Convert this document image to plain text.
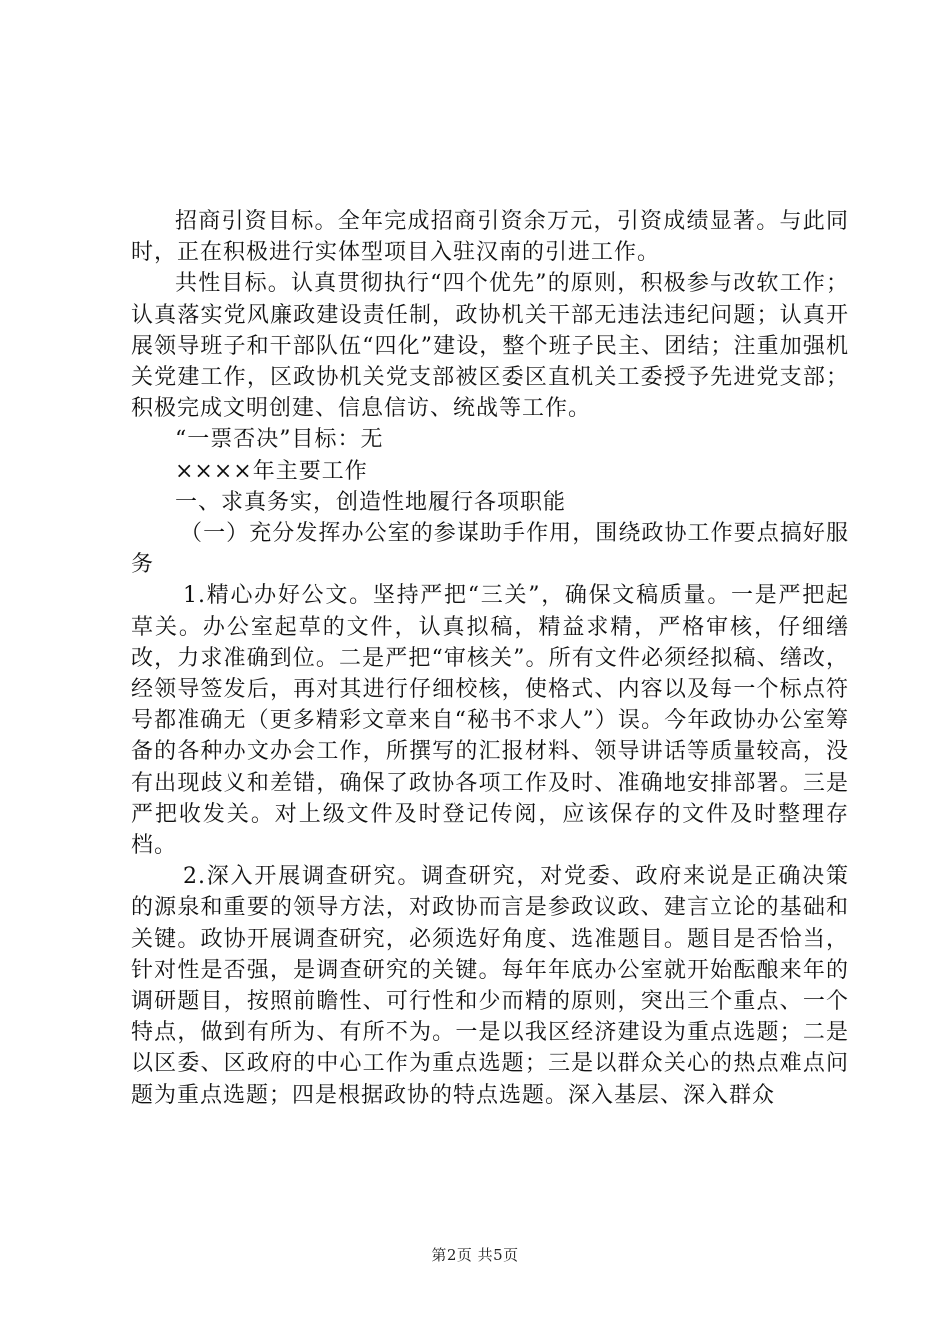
招商引资目标。全年完成招商引资余万元，引资成绩显著。与此同时，正在积极进行实体型项目入驻汉南的引进工作。

共性目标。认真贯彻执行“四个优先”的原则，积极参与改软工作；认真落实党风廉政建设责任制，政协机关干部无违法违纪问题；认真开展领导班子和干部队伍“四化”建设，整个班子民主、团结；注重加强机关党建工作，区政协机关党支部被区委区直机关工委授予先进党支部；积极完成文明创建、信息信访、统战等工作。

“一票否决”目标：无

××××年主要工作

一、求真务实，创造性地履行各项职能

（一）充分发挥办公室的参谋助手作用，围绕政协工作要点搞好服务

1.精心办好公文。坚持严把“三关”，确保文稿质量。一是严把起草关。办公室起草的文件，认真拟稿，精益求精，严格审核，仔细缮改，力求准确到位。二是严把“审核关”。所有文件必须经拟稿、缮改，经领导签发后，再对其进行仔细校核，使格式、内容以及每一个标点符号都准确无（更多精彩文章来自“秘书不求人”）误。今年政协办公室筹备的各种办文办会工作，所撰写的汇报材料、领导讲话等质量较高，没有出现歧义和差错，确保了政协各项工作及时、准确地安排部署。三是严把收发关。对上级文件及时登记传阅，应该保存的文件及时整理存档。

2.深入开展调查研究。调查研究，对党委、政府来说是正确决策的源泉和重要的领导方法，对政协而言是参政议政、建言立论的基础和关键。政协开展调查研究，必须选好角度、选准题目。题目是否恰当，针对性是否强，是调查研究的关键。每年年底办公室就开始酝酿来年的调研题目，按照前瞻性、可行性和少而精的原则，突出三个重点、一个特点，做到有所为、有所不为。一是以我区经济建设为重点选题；二是以区委、区政府的中心工作为重点选题；三是以群众关心的热点难点问题为重点选题；四是根据政协的特点选题。深入基层、深入群众

第2页 共5页
